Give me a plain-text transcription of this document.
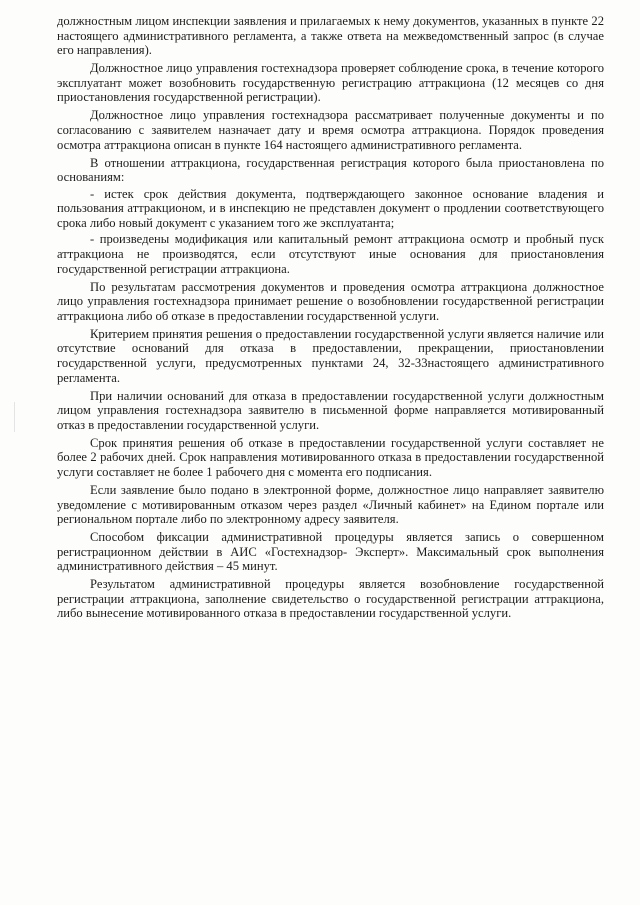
должностным лицом инспекции заявления и прилагаемых к нему документов, указанных в пункте 22 настоящего административного регламента, а также ответа на межведомственный запрос (в случае его направления).

Должностное лицо управления гостехнадзора проверяет соблюдение срока, в течение которого эксплуатант может возобновить государственную регистрацию аттракциона (12 месяцев со дня приостановления государственной регистрации).

Должностное лицо управления гостехнадзора рассматривает полученные документы и по согласованию с заявителем назначает дату и время осмотра аттракциона. Порядок проведения осмотра аттракциона описан в пункте 164 настоящего административного регламента.

В отношении аттракциона, государственная регистрация которого была приостановлена по основаниям:

- истек срок действия документа, подтверждающего законное основание владения и пользования аттракционом, и в инспекцию не представлен документ о продлении соответствующего срока либо новый документ с указанием того же эксплуатанта;

- произведены модификация или капитальный ремонт аттракциона осмотр и пробный пуск аттракциона не производятся, если отсутствуют иные основания для приостановления государственной регистрации аттракциона.

По результатам рассмотрения документов и проведения осмотра аттракциона должностное лицо управления гостехнадзора принимает решение о возобновлении государственной регистрации аттракциона либо об отказе в предоставлении государственной услуги.

Критерием принятия решения о предоставлении государственной услуги является наличие или отсутствие оснований для отказа в предоставлении, прекращении, приостановлении государственной услуги, предусмотренных пунктами 24, 32-33настоящего административного регламента.

При наличии оснований для отказа в предоставлении государственной услуги должностным лицом управления гостехнадзора заявителю в письменной форме направляется мотивированный отказ в предоставлении государственной услуги.

Срок принятия решения об отказе в предоставлении государственной услуги составляет не более 2 рабочих дней. Срок направления мотивированного отказа в предоставлении государственной услуги составляет не более 1 рабочего дня с момента его подписания.

Если заявление было подано в электронной форме, должностное лицо направляет заявителю уведомление с мотивированным отказом через раздел «Личный кабинет» на Едином портале или региональном портале либо по электронному адресу заявителя.

Способом фиксации административной процедуры является запись о совершенном регистрационном действии в АИС «Гостехнадзор- Эксперт». Максимальный срок выполнения административного действия – 45 минут.

Результатом административной процедуры является возобновление государственной регистрации аттракциона, заполнение свидетельство о государственной регистрации аттракциона, либо вынесение мотивированного отказа в предоставлении государственной услуги.
